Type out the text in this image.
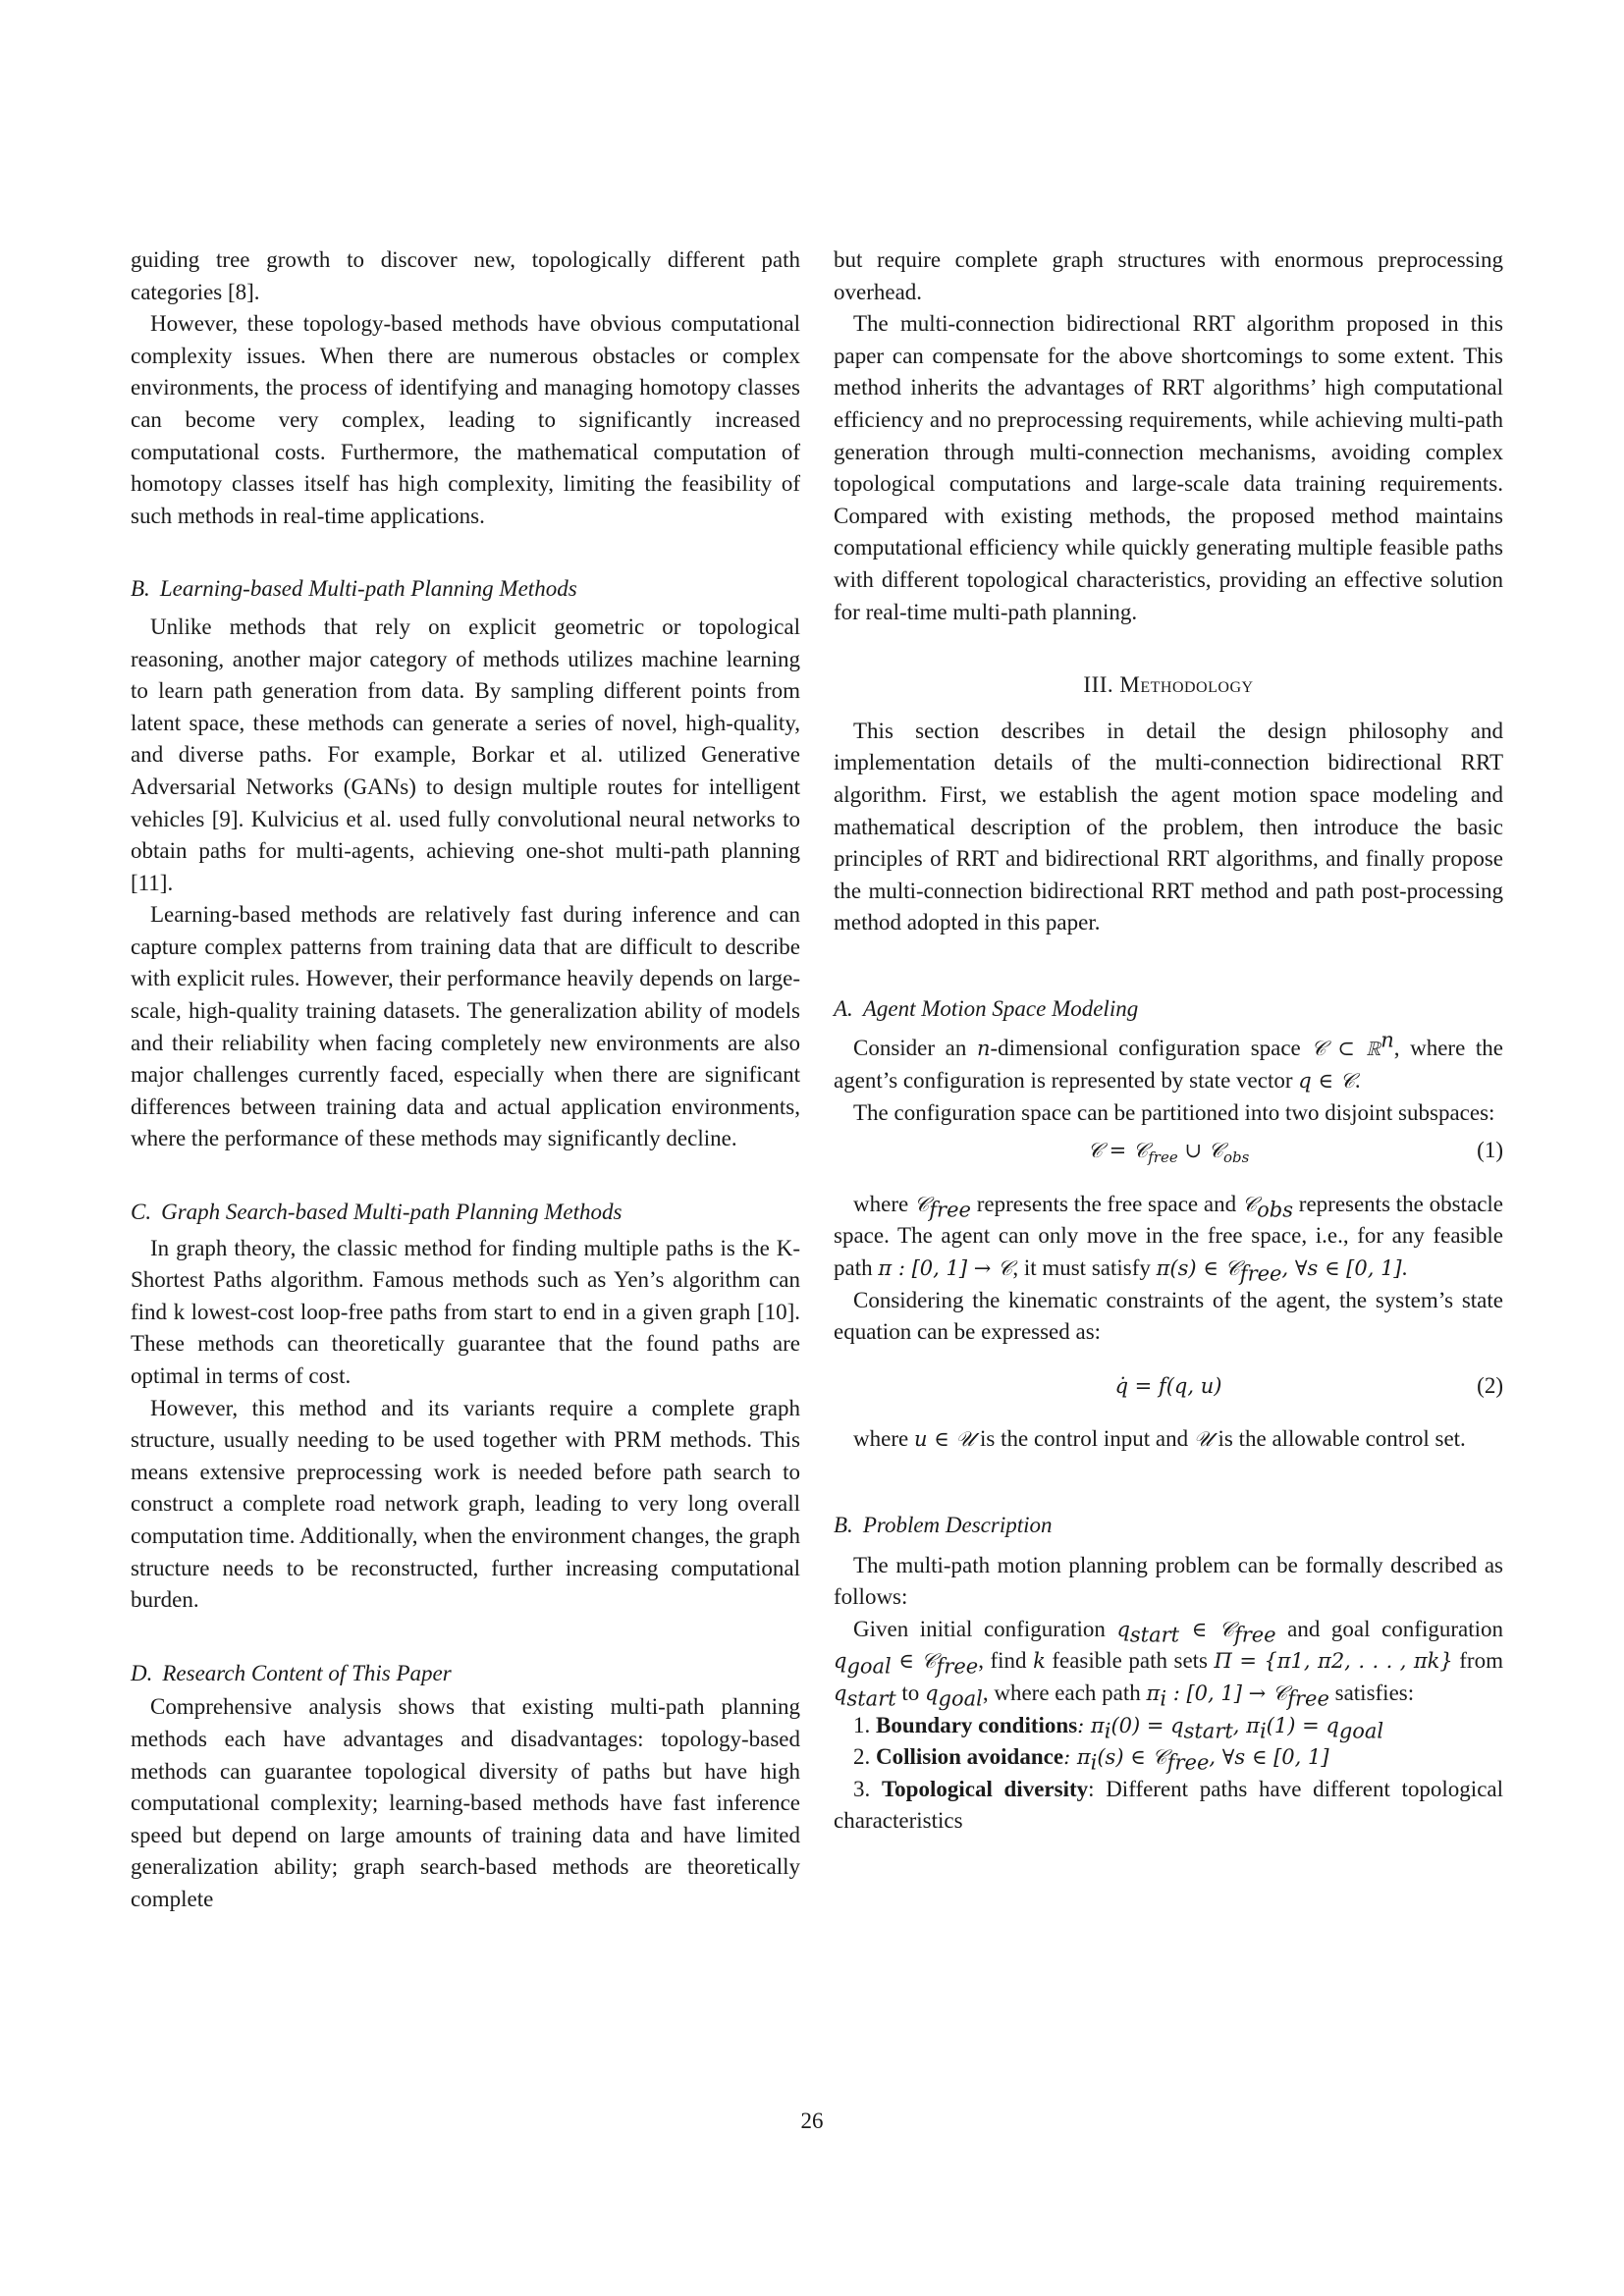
guiding tree growth to discover new, topologically different path categories [8].

However, these topology-based methods have obvious computational complexity issues. When there are numerous obstacles or complex environments, the process of identifying and managing homotopy classes can become very complex, leading to significantly increased computational costs. Furthermore, the mathematical computation of homotopy classes itself has high complexity, limiting the feasibility of such methods in real-time applications.

B. Learning-based Multi-path Planning Methods

Unlike methods that rely on explicit geometric or topological reasoning, another major category of methods utilizes machine learning to learn path generation from data. By sampling different points from latent space, these methods can generate a series of novel, high-quality, and diverse paths. For example, Borkar et al. utilized Generative Adversarial Networks (GANs) to design multiple routes for intelligent vehicles [9]. Kulvicius et al. used fully convolutional neural networks to obtain paths for multi-agents, achieving one-shot multi-path planning [11].

Learning-based methods are relatively fast during inference and can capture complex patterns from training data that are difficult to describe with explicit rules. However, their performance heavily depends on large-scale, high-quality training datasets. The generalization ability of models and their reliability when facing completely new environments are also major challenges currently faced, especially when there are significant differences between training data and actual application environments, where the performance of these methods may significantly decline.

C. Graph Search-based Multi-path Planning Methods

In graph theory, the classic method for finding multiple paths is the K-Shortest Paths algorithm. Famous methods such as Yen’s algorithm can find k lowest-cost loop-free paths from start to end in a given graph [10]. These methods can theoretically guarantee that the found paths are optimal in terms of cost.

However, this method and its variants require a complete graph structure, usually needing to be used together with PRM methods. This means extensive preprocessing work is needed before path search to construct a complete road network graph, leading to very long overall computation time. Additionally, when the environment changes, the graph structure needs to be reconstructed, further increasing computational burden.

D. Research Content of This Paper

Comprehensive analysis shows that existing multi-path planning methods each have advantages and disadvantages: topology-based methods can guarantee topological diversity of paths but have high computational complexity; learning-based methods have fast inference speed but depend on large amounts of training data and have limited generalization ability; graph search-based methods are theoretically complete

but require complete graph structures with enormous preprocessing overhead.

The multi-connection bidirectional RRT algorithm proposed in this paper can compensate for the above shortcomings to some extent. This method inherits the advantages of RRT algorithms’ high computational efficiency and no preprocessing requirements, while achieving multi-path generation through multi-connection mechanisms, avoiding complex topological computations and large-scale data training requirements. Compared with existing methods, the proposed method maintains computational efficiency while quickly generating multiple feasible paths with different topological characteristics, providing an effective solution for real-time multi-path planning.

III. Methodology

This section describes in detail the design philosophy and implementation details of the multi-connection bidirectional RRT algorithm. First, we establish the agent motion space modeling and mathematical description of the problem, then introduce the basic principles of RRT and bidirectional RRT algorithms, and finally propose the multi-connection bidirectional RRT method and path post-processing method adopted in this paper.

A. Agent Motion Space Modeling

Consider an n-dimensional configuration space 𝒞 ⊂ ℝ$^n$, where the agent’s configuration is represented by state vector q ∈ 𝒞.

The configuration space can be partitioned into two disjoint subspaces:

𝒞 = 𝒞$_{free}$ ∪ 𝒞$_{obs}$	(1)

where 𝒞$_{free}$ represents the free space and 𝒞$_{obs}$ represents the obstacle space. The agent can only move in the free space, i.e., for any feasible path π : [0, 1] → 𝒞, it must satisfy π(s) ∈ 𝒞$_{free}$, ∀s ∈ [0, 1].

Considering the kinematic constraints of the agent, the system’s state equation can be expressed as:

q̇ = f(q, u)	(2)

where u ∈ 𝒰 is the control input and 𝒰 is the allowable control set.

B. Problem Description

The multi-path motion planning problem can be formally described as follows:

Given initial configuration $q_{start}$ ∈ 𝒞$_{free}$ and goal configuration $q_{goal}$ ∈ 𝒞$_{free}$, find k feasible path sets Π = {π1, π2, . . . , πk} from $q_{start}$ to $q_{goal}$, where each path $\pi_i$ : [0, 1] → 𝒞$_{free}$ satisfies:

1. Boundary conditions: $\pi_i(0) = q_{start}$, $\pi_i(1) = q_{goal}$

2. Collision avoidance: $\pi_i(s)$ ∈ 𝒞$_{free}$, ∀s ∈ [0, 1]

3. Topological diversity: Different paths have different topological characteristics

26
